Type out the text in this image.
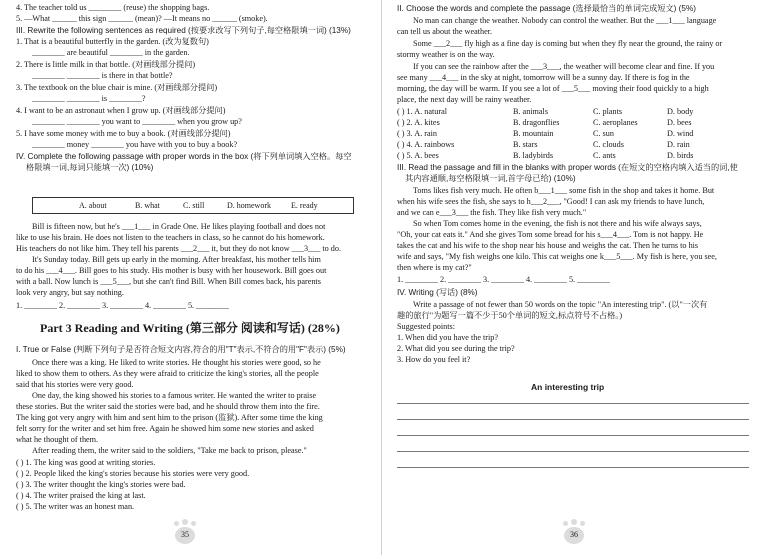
4. The teacher told us ________ (reuse) the shopping bags.
5. —What ______ this sign ______ (mean)? —It means no ______ (smoke).
III. Rewrite the following sentences as required (按要求改写下列句子,每空格限填一词) (13%)
1. That is a beautiful butterfly in the garden. (改为复数句)
________ are beautiful ________ in the garden.
2. There is little milk in that bottle. (对画线部分提问)
________ ________ is there in that bottle?
3. The textbook on the blue chair is mine. (对画线部分提问)
________ ________ is ________?
4. I want to be an astronaut when I grow up. (对画线部分提问)
________ ________ you want to ________ when you grow up?
5. I have some money with me to buy a book. (对画线部分提问)
________ money ________ you have with you to buy a book?
IV. Complete the following passage with proper words in the box (将下列单词填入空格。每空
格限填一词,每词只能填一次) (10%)
A. about	B. what	C. still	D. homework	E. ready
Bill is fifteen now, but he's ___1___ in Grade One. He likes playing football and does not
like to use his brain. He does not listen to the teachers in class, so he cannot do his homework.
His teachers do not like him. They tell his parents ___2___ it, but they do not know ___3___ to do.
It's Sunday today. Bill gets up early in the morning. After breakfast, his mother tells him
to do his ___4___. Bill goes to his study. His mother is busy with her housework. Bill goes out
with a ball. Now lunch is ___5___, but she can't find Bill. When Bill comes back, his parents
look very angry, but say nothing.
1. ________ 2. ________ 3. ________ 4. ________ 5. ________
Part 3 Reading and Writing (第三部分 阅读和写话) (28%)
I. True or False (判断下列句子是否符合短文内容,符合的用"T"表示,不符合的用"F"表示) (5%)
Once there was a king. He liked to write stories. He thought his stories were good, so he
liked to show them to others. As they were afraid to criticize the king's stories, all the people
said that his stories were very good.
One day, the king showed his stories to a famous writer. He wanted the writer to praise
these stories. But the writer said the stories were bad, and he should throw them into the fire.
The king got very angry with him and sent him to the prison (监狱). After some time the king
felt sorry for the writer and set him free. Again he showed him some new stories and asked
what he thought of them.
After reading them, the writer said to the soldiers, "Take me back to prison, please."
( ) 1. The king was good at writing stories.
( ) 2. People liked the king's stories because his stories were very good.
( ) 3. The writer thought the king's stories were bad.
( ) 4. The writer praised the king at last.
( ) 5. The writer was an honest man.
35
II. Choose the words and complete the passage (选择最恰当的单词完成短文) (5%)
No man can change the weather. Nobody can control the weather. But the ___1___ language
can tell us about the weather.
Some ___2___ fly high as a fine day is coming but when they fly near the ground, the rainy or
stormy weather is on the way.
If you can see the rainbow after the ___3___, the weather will become clear and fine. If you
see many ___4___ in the sky at night, tomorrow will be a sunny day. If there is fog in the
morning, the day will be warm. If you see a lot of ___5___ moving their food quickly to a high
place, the next day will be rainy weather.
( ) 1. A. natural	B. animals	C. plants	D. body
( ) 2. A. kites	B. dragonflies	C. aeroplanes	D. bees
( ) 3. A. rain	B. mountain	C. sun	D. wind
( ) 4. A. rainbows	B. stars	C. clouds	D. rain
( ) 5. A. bees	B. ladybirds	C. ants	D. birds
III. Read the passage and fill in the blanks with proper words (在短文的空格内填入适当的词,使
其内容通顺,每空格限填一词,首字母已给) (10%)
Toms likes fish very much. He often b___1___ some fish in the shop and takes it home. But
when his wife sees the fish, she says to h___2___, "Good! I can ask my friends to have lunch,
and we can e___3___ the fish. They like fish very much."
So when Tom comes home in the evening, the fish is not there and his wife always says,
"Oh, your cat eats it." And she gives Tom some bread for his s___4___. Tom is not happy. He
takes the cat and his wife to the shop near his house and weighs the cat. Then he turns to his
wife and says, "My fish weighs one kilo. This cat weighs one k___5___. My fish is here, you see,
then where is my cat?"
1. ________ 2. ________ 3. ________ 4. ________ 5. ________
IV. Writing (写话) (8%)
Write a passage of not fewer than 50 words on the topic "An interesting trip". (以"一次有
趣的旅行"为题写一篇不少于50个单词的短文,标点符号不占格。)
Suggested points:
1. When did you have the trip?
2. What did you see during the trip?
3. How do you feel it?
An interesting trip
36
